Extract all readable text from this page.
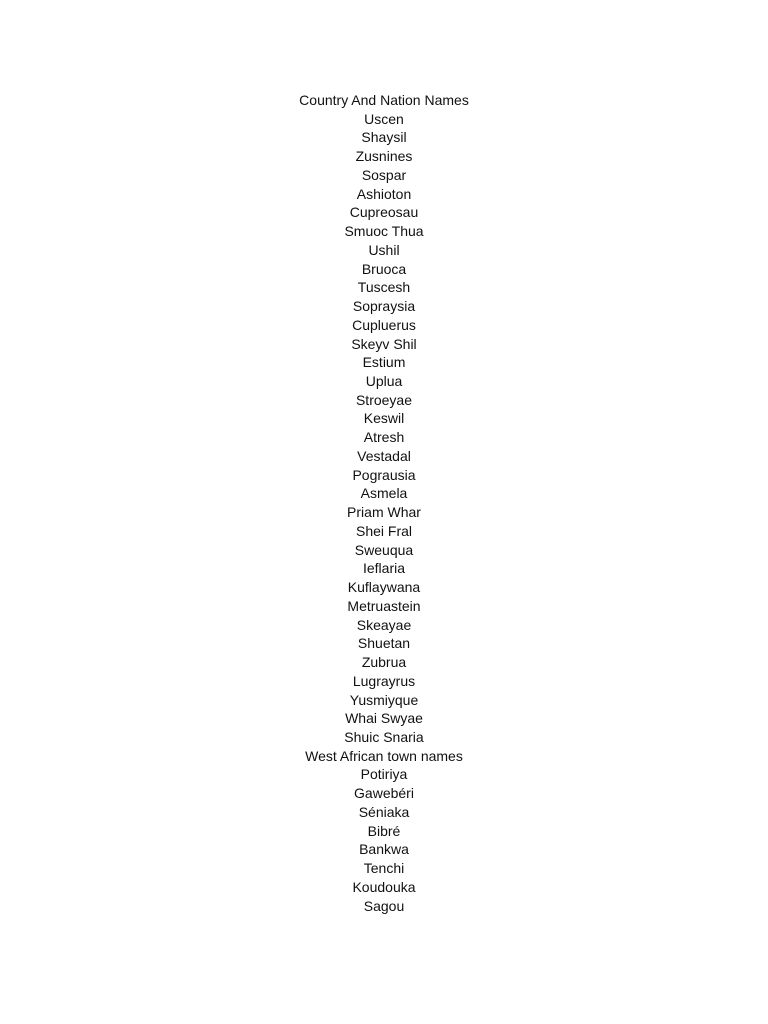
Country And Nation Names
Uscen
Shaysil
Zusnines
Sospar
Ashioton
Cupreosau
Smuoc Thua
Ushil
Bruoca
Tuscesh
Sopraysia
Cupluerus
Skeyv Shil
Estium
Uplua
Stroeyae
Keswil
Atresh
Vestadal
Pograusia
Asmela
Priam Whar
Shei Fral
Sweuqua
Ieflaria
Kuflaywana
Metruastein
Skeayae
Shuetan
Zubrua
Lugrayrus
Yusmiyque
Whai Swyae
Shuic Snaria
West African town names
Potiriya
Gawebéri
Séniaka
Bibré
Bankwa
Tenchi
Koudouka
Sagou
